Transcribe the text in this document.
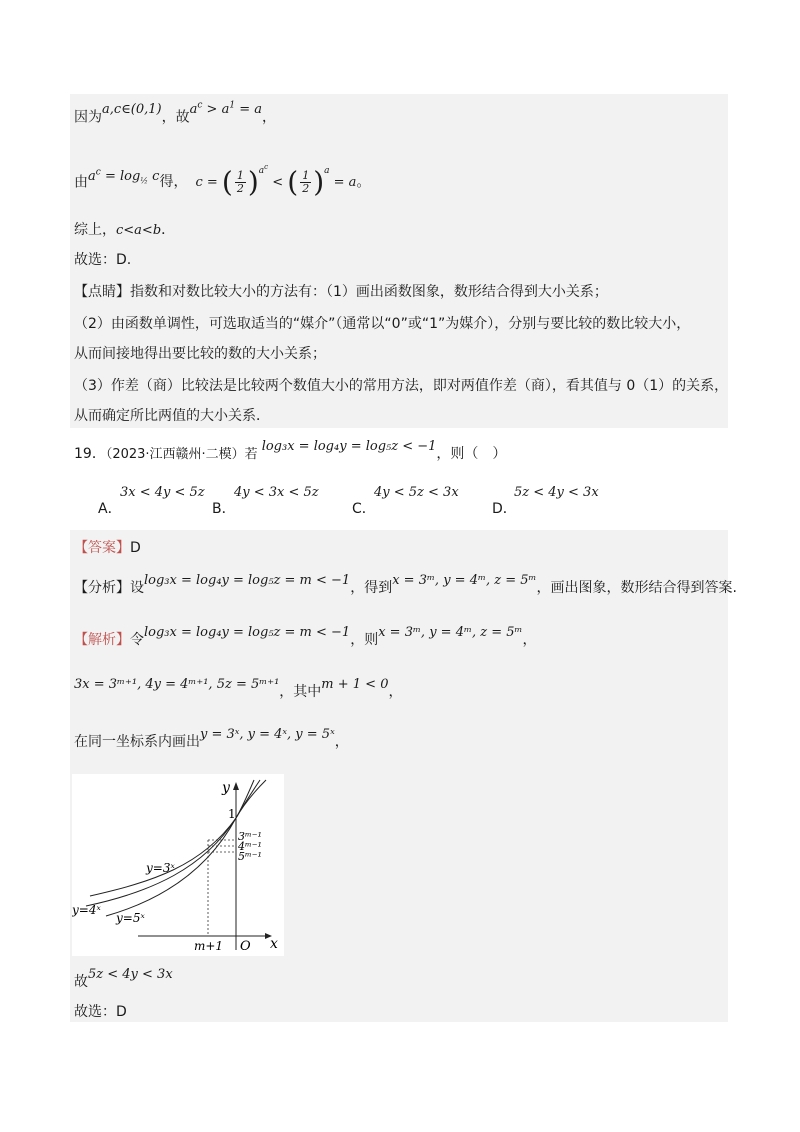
因为a,c∈(0,1)，故$a^c > a^1 = a$，
由$a^c = \log_{\frac{1}{2}} c$得， c = ( $\frac{1}{2})^{a^c}$ < ( $\frac{1}{2})^a = a$。
综上，c<a<b．
故选：D.
【点睛】指数和对数比较大小的方法有：（1）画出函数图象，数形结合得到大小关系；
（2）由函数单调性，可选取适当的“媒介”（通常以“0”或“1”为媒介），分别与要比较的数比较大小，
从而间接地得出要比较的数的大小关系；
（3）作差（商）比较法是比较两个数值大小的常用方法，即对两值作差（商），看其值与 0（1）的关系，
从而确定所比两值的大小关系．
19．（2023·江西赣州·二模）若log₃x = log₄y = log₅z < −1，则（　）
A．
3x < 4y < 5z
B．
4y < 3x < 5z
C．
4y < 5z < 3x
D．
5z < 4y < 3x
【答案】D
【分析】设log₃x = log₄y = log₅z = m < −1，得到x = 3ᵐ, y = 4ᵐ, z = 5ᵐ，画出图象，数形结合得到答案.
【解析】令log₃x = log₄y = log₅z = m < −1，则x = 3ᵐ, y = 4ᵐ, z = 5ᵐ，
3x = 3ᵐ⁺¹, 4y = 4ᵐ⁺¹, 5z = 5ᵐ⁺¹，其中m + 1 < 0，
在同一坐标系内画出y = 3ˣ, y = 4ˣ, y = 5ˣ，
y
x
O
1
y=3ˣ
y=4ˣ
y=5ˣ
m+1
3ᵐ⁻¹
4ᵐ⁻¹
5ᵐ⁻¹
故5z < 4y < 3x
故选：D
